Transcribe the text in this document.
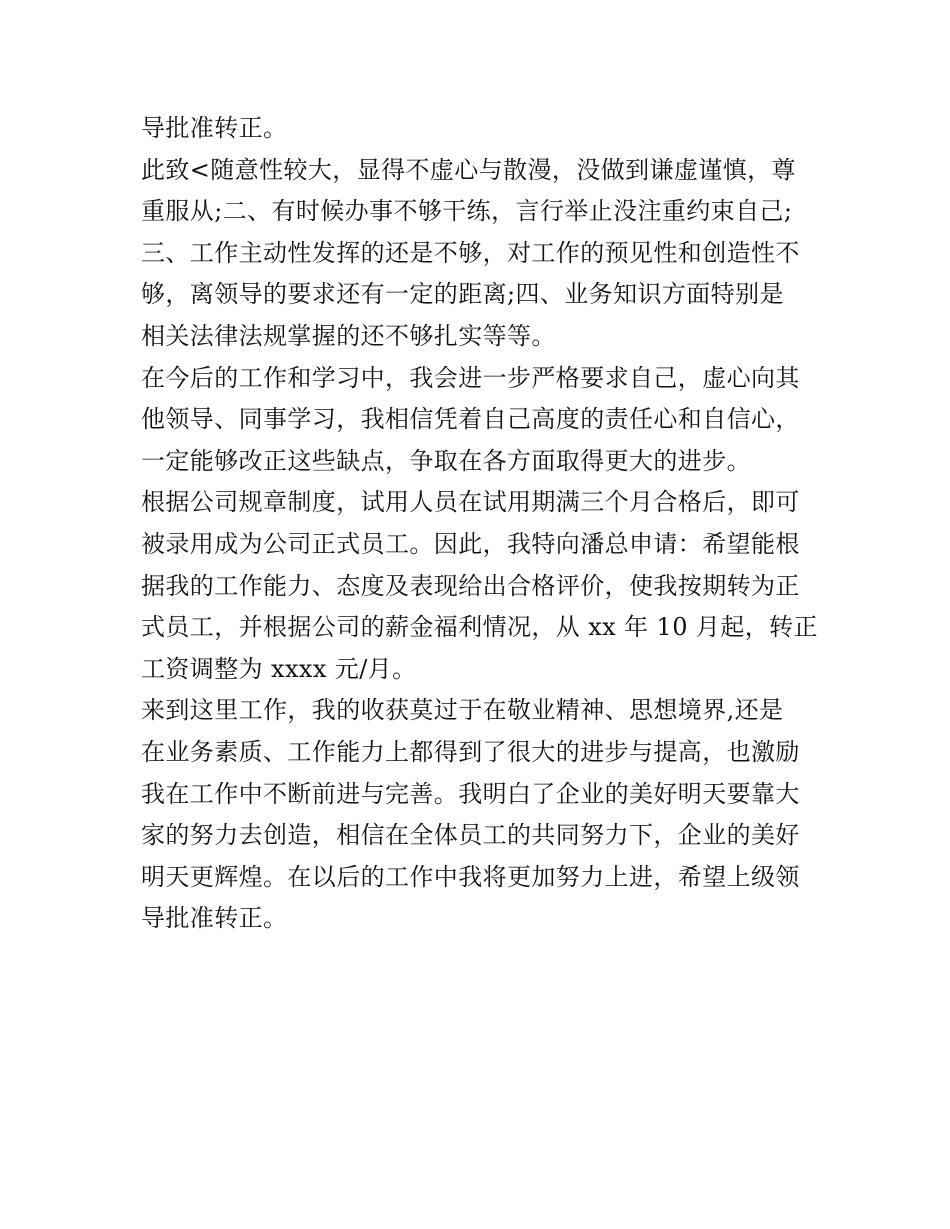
导批准转正。
此致<随意性较大，显得不虚心与散漫，没做到谦虚谨慎，尊
重服从;二、有时候办事不够干练，言行举止没注重约束自己;
三、工作主动性发挥的还是不够，对工作的预见性和创造性不
够，离领导的要求还有一定的距离;四、业务知识方面特别是
相关法律法规掌握的还不够扎实等等。
在今后的工作和学习中，我会进一步严格要求自己，虚心向其
他领导、同事学习，我相信凭着自己高度的责任心和自信心，
一定能够改正这些缺点，争取在各方面取得更大的进步。
根据公司规章制度，试用人员在试用期满三个月合格后，即可
被录用成为公司正式员工。因此，我特向潘总申请：希望能根
据我的工作能力、态度及表现给出合格评价，使我按期转为正
式员工，并根据公司的薪金福利情况，从 xx 年 10 月起，转正
工资调整为 xxxx 元/月。
来到这里工作，我的收获莫过于在敬业精神、思想境界,还是
在业务素质、工作能力上都得到了很大的进步与提高，也激励
我在工作中不断前进与完善。我明白了企业的美好明天要靠大
家的努力去创造，相信在全体员工的共同努力下，企业的美好
明天更辉煌。在以后的工作中我将更加努力上进，希望上级领
导批准转正。
